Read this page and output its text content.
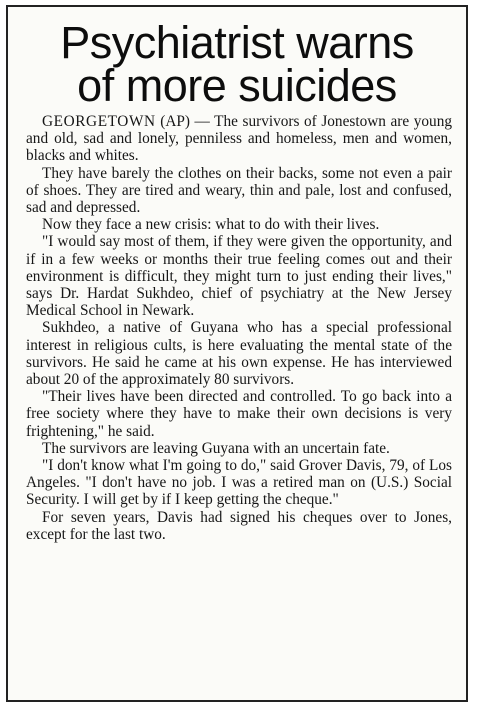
Psychiatrist warns
of more suicides

GEORGETOWN (AP) — The survivors of Jonestown are young and old, sad and lonely, penniless and homeless, men and women, blacks and whites.

They have barely the clothes on their backs, some not even a pair of shoes. They are tired and weary, thin and pale, lost and confused, sad and depressed.

Now they face a new crisis: what to do with their lives.

"I would say most of them, if they were given the opportunity, and if in a few weeks or months their true feeling comes out and their environment is difficult, they might turn to just ending their lives," says Dr. Hardat Sukhdeo, chief of psychiatry at the New Jersey Medical School in Newark.

Sukhdeo, a native of Guyana who has a special professional interest in religious cults, is here evaluating the mental state of the survivors. He said he came at his own expense. He has interviewed about 20 of the approximately 80 survivors.

"Their lives have been directed and controlled. To go back into a free society where they have to make their own decisions is very frightening," he said.

The survivors are leaving Guyana with an uncertain fate.

"I don't know what I'm going to do," said Grover Davis, 79, of Los Angeles. "I don't have no job. I was a retired man on (U.S.) Social Security. I will get by if I keep getting the cheque."

For seven years, Davis had signed his cheques over to Jones, except for the last two.
